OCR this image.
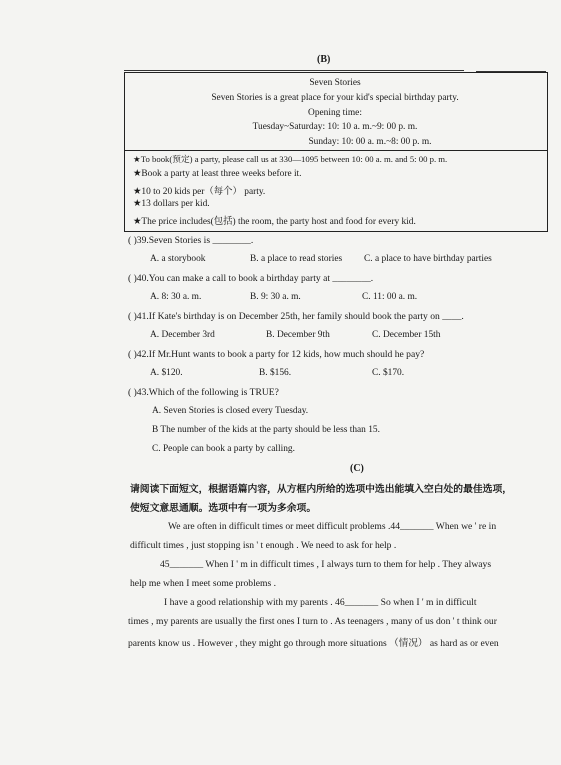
(B)
Seven Stories
Seven Stories is a great place for your kid's special birthday party.
Opening time:
Tuesday~Saturday: 10: 10 a. m.~9: 00 p. m.
Sunday: 10: 00 a. m.~8: 00 p. m.
★To book(预定) a party, please call us at 330—1095 between 10: 00 a. m. and 5: 00 p. m.
★Book a party at least three weeks before it.
★10 to 20 kids per（每个） party.
★13 dollars per kid.
★The price includes(包括) the room, the party host and food for every kid.
( )39.Seven Stories is ________.
A. a storybook	B. a place to read stories C. a place to have birthday parties
( )40.You can make a call to book a birthday party at ________.
A. 8: 30 a. m.	B. 9: 30 a. m.	C. 11: 00 a. m.
( )41.If Kate's birthday is on December 25th, her family should book the party on ____.
A. December 3rd	B. December 9th	C. December 15th
( )42.If Mr.Hunt wants to book a party for 12 kids, how much should he pay?
A. $120.	B. $156.	C. $170.
( )43.Which of the following is TRUE?
A. Seven Stories is closed every Tuesday.
B The number of the kids at the party should be less than 15.
C. People can book a party by calling.
(C)
请阅读下面短文，根据语篇内容，从方框内所给的选项中选出能填入空白处的最佳选项，
使短文意思通顺。选项中有一项为多余项。
We are often in difficult times or meet difficult problems .44_______ When we ' re in
difficult times , just stopping isn ' t enough . We need to ask for help .
45_______ When I ' m in difficult times , I always turn to them for help . They always
help me when I meet some problems .
I have a good relationship with my parents . 46_______ So when I ' m in difficult
times , my parents are usually the first ones I turn to . As teenagers , many of us don ' t think our
parents know us . However , they might go through more situations （情况） as hard as or even
